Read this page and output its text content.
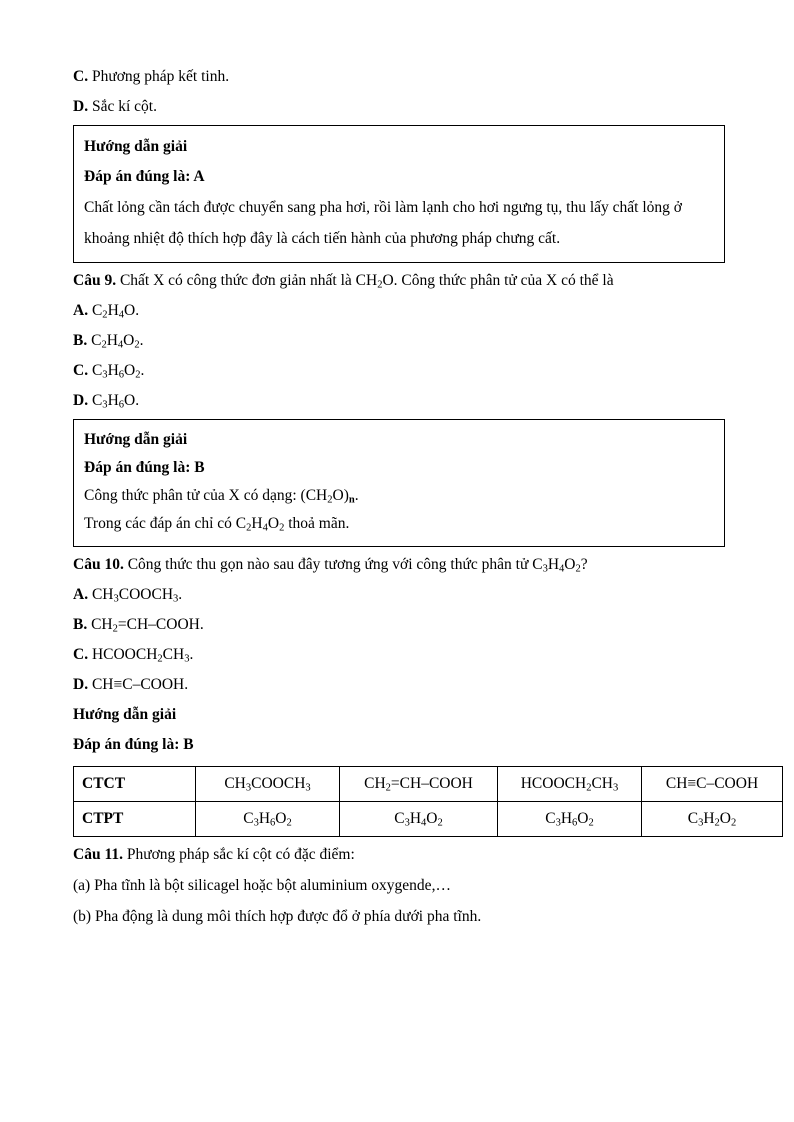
C. Phương pháp kết tinh.

D. Sắc kí cột.

Hướng dẫn giải

Đáp án đúng là: A

Chất lỏng cần tách được chuyển sang pha hơi, rồi làm lạnh cho hơi ngưng tụ, thu lấy chất lỏng ở khoảng nhiệt độ thích hợp đây là cách tiến hành của phương pháp chưng cất.

Câu 9. Chất X có công thức đơn giản nhất là $CH_2O$. Công thức phân tử của X có thể là

A. $C_2H_4O$.

B. $C_2H_4O_2$.

C. $C_3H_6O_2$.

D. $C_3H_6O$.

Hướng dẫn giải

Đáp án đúng là: B

Công thức phân tử của X có dạng: $(CH_2O)_n$.

Trong các đáp án chỉ có $C_2H_4O_2$ thoả mãn.

Câu 10. Công thức thu gọn nào sau đây tương ứng với công thức phân tử $C_3H_4O_2$?

A. $CH_3COOCH_3$.

B. $CH_2=CH$–COOH.

C. $HCOOCH_2CH_3$.

D. CH≡C–COOH.

Hướng dẫn giải

Đáp án đúng là: B

CTCT	$CH_3COOCH_3$	$CH_2=CH$–COOH	$HCOOCH_2CH_3$	CH≡C–COOH
CTPT	$C_3H_6O_2$	$C_3H_4O_2$	$C_3H_6O_2$	$C_3H_2O_2$

Câu 11. Phương pháp sắc kí cột có đặc điểm:

(a) Pha tĩnh là bột silicagel hoặc bột aluminium oxygende,…

(b) Pha động là dung môi thích hợp được đổ ở phía dưới pha tĩnh.
